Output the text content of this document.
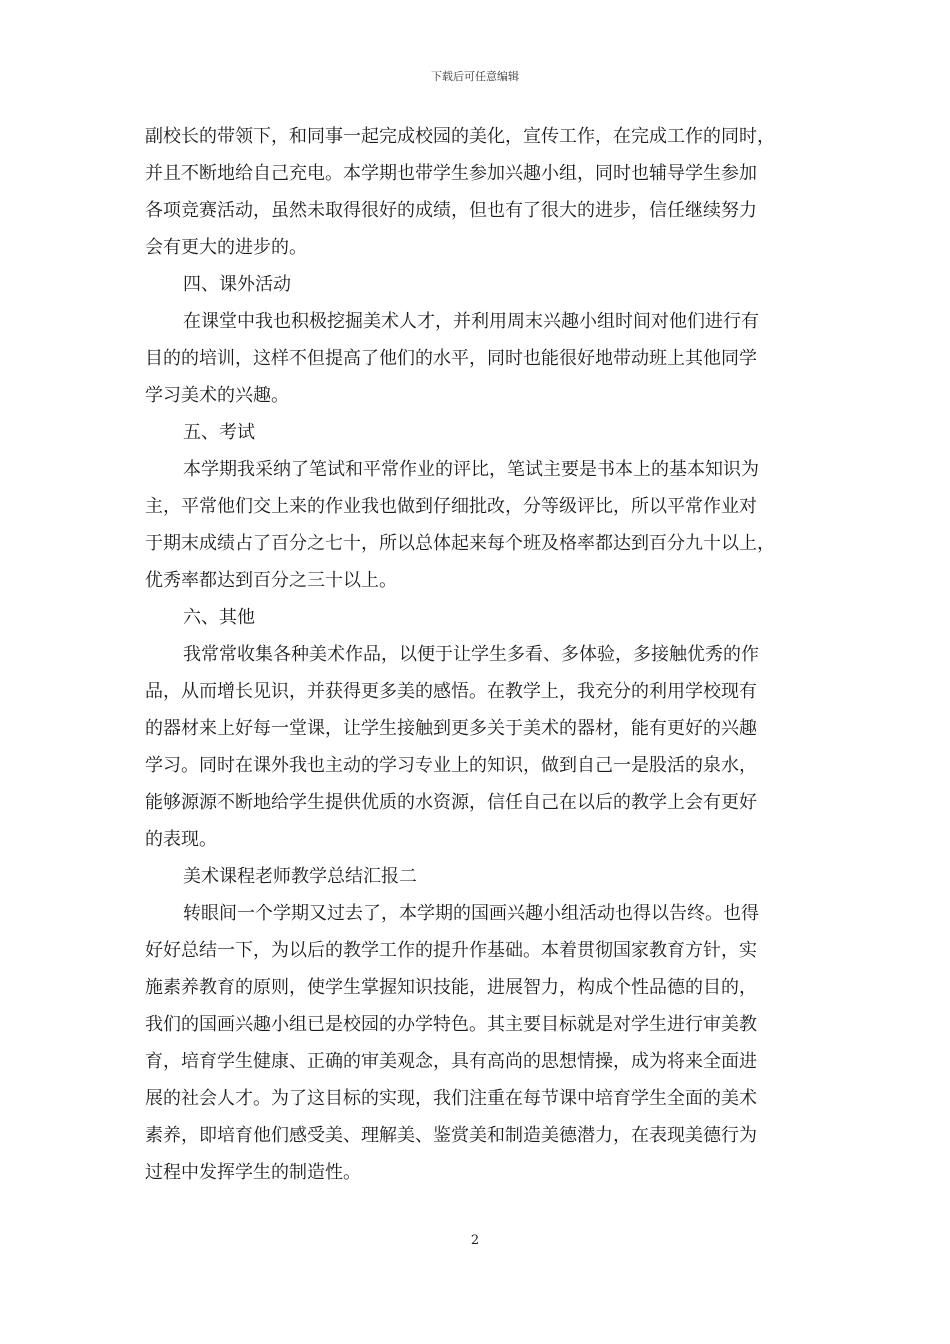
下载后可任意编辑
副校长的带领下，和同事一起完成校园的美化，宣传工作，在完成工作的同时，
并且不断地给自己充电。本学期也带学生参加兴趣小组，同时也辅导学生参加
各项竞赛活动，虽然未取得很好的成绩，但也有了很大的进步，信任继续努力
会有更大的进步的。
四、课外活动
在课堂中我也积极挖掘美术人才，并利用周末兴趣小组时间对他们进行有
目的的培训，这样不但提高了他们的水平，同时也能很好地带动班上其他同学
学习美术的兴趣。
五、考试
本学期我采纳了笔试和平常作业的评比，笔试主要是书本上的基本知识为
主，平常他们交上来的作业我也做到仔细批改，分等级评比，所以平常作业对
于期末成绩占了百分之七十，所以总体起来每个班及格率都达到百分九十以上，
优秀率都达到百分之三十以上。
六、其他
我常常收集各种美术作品，以便于让学生多看、多体验，多接触优秀的作
品，从而增长见识，并获得更多美的感悟。在教学上，我充分的利用学校现有
的器材来上好每一堂课，让学生接触到更多关于美术的器材，能有更好的兴趣
学习。同时在课外我也主动的学习专业上的知识，做到自己一是股活的泉水，
能够源源不断地给学生提供优质的水资源，信任自己在以后的教学上会有更好
的表现。
美术课程老师教学总结汇报二
转眼间一个学期又过去了，本学期的国画兴趣小组活动也得以告终。也得
好好总结一下，为以后的教学工作的提升作基础。本着贯彻国家教育方针，实
施素养教育的原则，使学生掌握知识技能，进展智力，构成个性品德的目的，
我们的国画兴趣小组已是校园的办学特色。其主要目标就是对学生进行审美教
育，培育学生健康、正确的审美观念，具有高尚的思想情操，成为将来全面进
展的社会人才。为了这目标的实现，我们注重在每节课中培育学生全面的美术
素养，即培育他们感受美、理解美、鉴赏美和制造美德潜力，在表现美德行为
过程中发挥学生的制造性。
2
